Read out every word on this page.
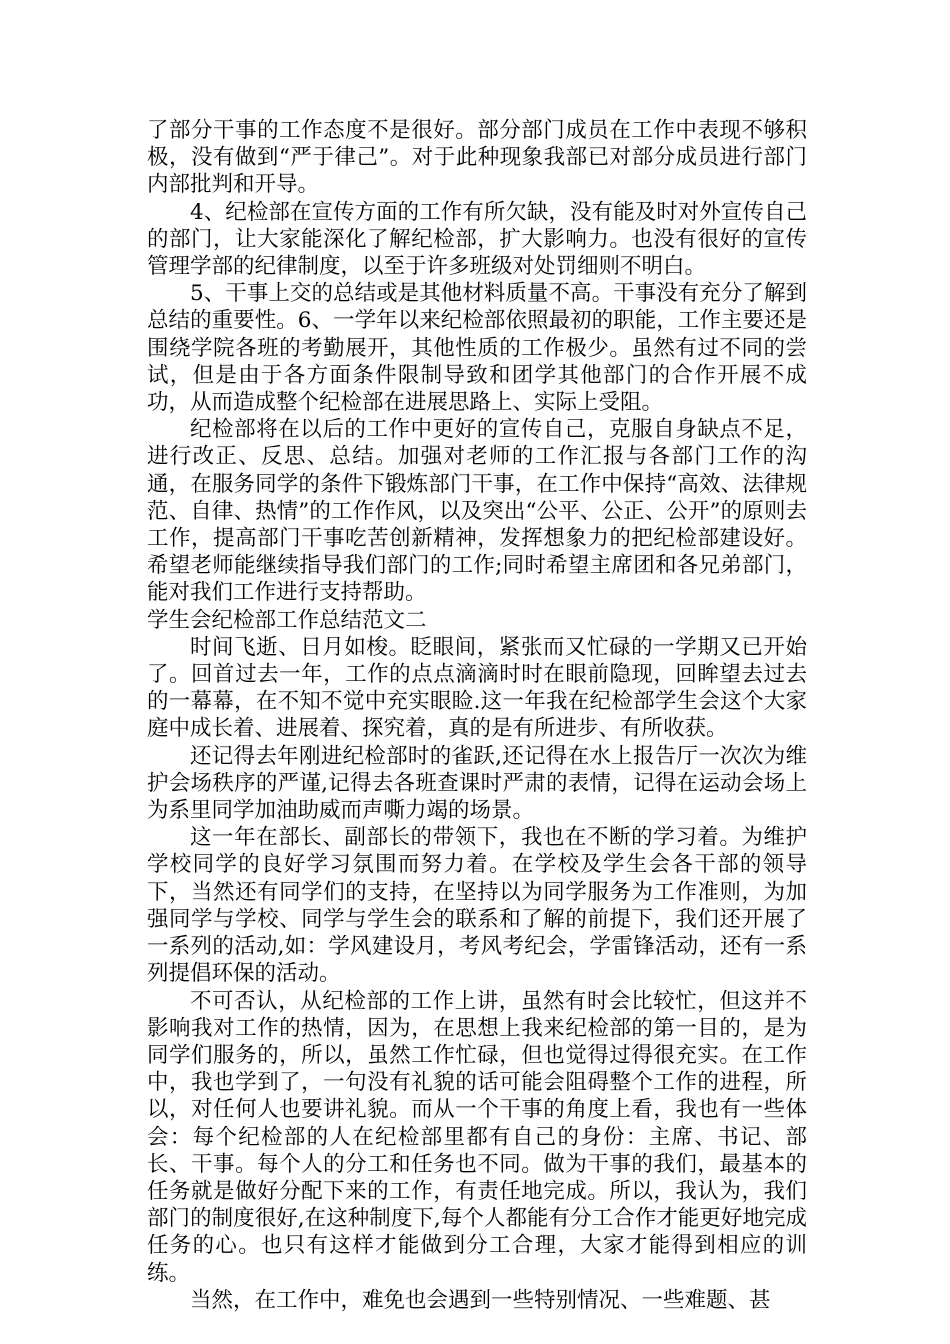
了部分干事的工作态度不是很好。部分部门成员在工作中表现不够积极，没有做到“严于律己”。对于此种现象我部已对部分成员进行部门内部批判和开导。

4、纪检部在宣传方面的工作有所欠缺，没有能及时对外宣传自己的部门，让大家能深化了解纪检部，扩大影响力。也没有很好的宣传管理学部的纪律制度，以至于许多班级对处罚细则不明白。

5、干事上交的总结或是其他材料质量不高。干事没有充分了解到总结的重要性。6、一学年以来纪检部依照最初的职能，工作主要还是围绕学院各班的考勤展开，其他性质的工作极少。虽然有过不同的尝试，但是由于各方面条件限制导致和团学其他部门的合作开展不成功，从而造成整个纪检部在进展思路上、实际上受阻。

纪检部将在以后的工作中更好的宣传自己，克服自身缺点不足，进行改正、反思、总结。加强对老师的工作汇报与各部门工作的沟通，在服务同学的条件下锻炼部门干事，在工作中保持“高效、法律规范、自律、热情”的工作作风，以及突出“公平、公正、公开”的原则去工作，提高部门干事吃苦创新精神，发挥想象力的把纪检部建设好。希望老师能继续指导我们部门的工作;同时希望主席团和各兄弟部门，能对我们工作进行支持帮助。

学生会纪检部工作总结范文二

时间飞逝、日月如梭。眨眼间，紧张而又忙碌的一学期又已开始了。回首过去一年，工作的点点滴滴时时在眼前隐现，回眸望去过去的一幕幕，在不知不觉中充实眼睑.这一年我在纪检部学生会这个大家庭中成长着、进展着、探究着，真的是有所进步、有所收获。

还记得去年刚进纪检部时的雀跃,还记得在水上报告厅一次次为维护会场秩序的严谨,记得去各班查课时严肃的表情，记得在运动会场上为系里同学加油助威而声嘶力竭的场景。

这一年在部长、副部长的带领下，我也在不断的学习着。为维护学校同学的良好学习氛围而努力着。在学校及学生会各干部的领导下，当然还有同学们的支持，在坚持以为同学服务为工作准则，为加强同学与学校、同学与学生会的联系和了解的前提下，我们还开展了一系列的活动,如：学风建设月，考风考纪会，学雷锋活动，还有一系列提倡环保的活动。

不可否认，从纪检部的工作上讲，虽然有时会比较忙，但这并不影响我对工作的热情，因为，在思想上我来纪检部的第一目的，是为同学们服务的，所以，虽然工作忙碌，但也觉得过得很充实。在工作中，我也学到了，一句没有礼貌的话可能会阻碍整个工作的进程，所以，对任何人也要讲礼貌。而从一个干事的角度上看，我也有一些体会：每个纪检部的人在纪检部里都有自己的身份：主席、书记、部长、干事。每个人的分工和任务也不同。做为干事的我们，最基本的任务就是做好分配下来的工作，有责任地完成。所以，我认为，我们部门的制度很好,在这种制度下,每个人都能有分工合作才能更好地完成任务的心。也只有这样才能做到分工合理，大家才能得到相应的训练。

当然，在工作中，难免也会遇到一些特别情况、一些难题、甚
